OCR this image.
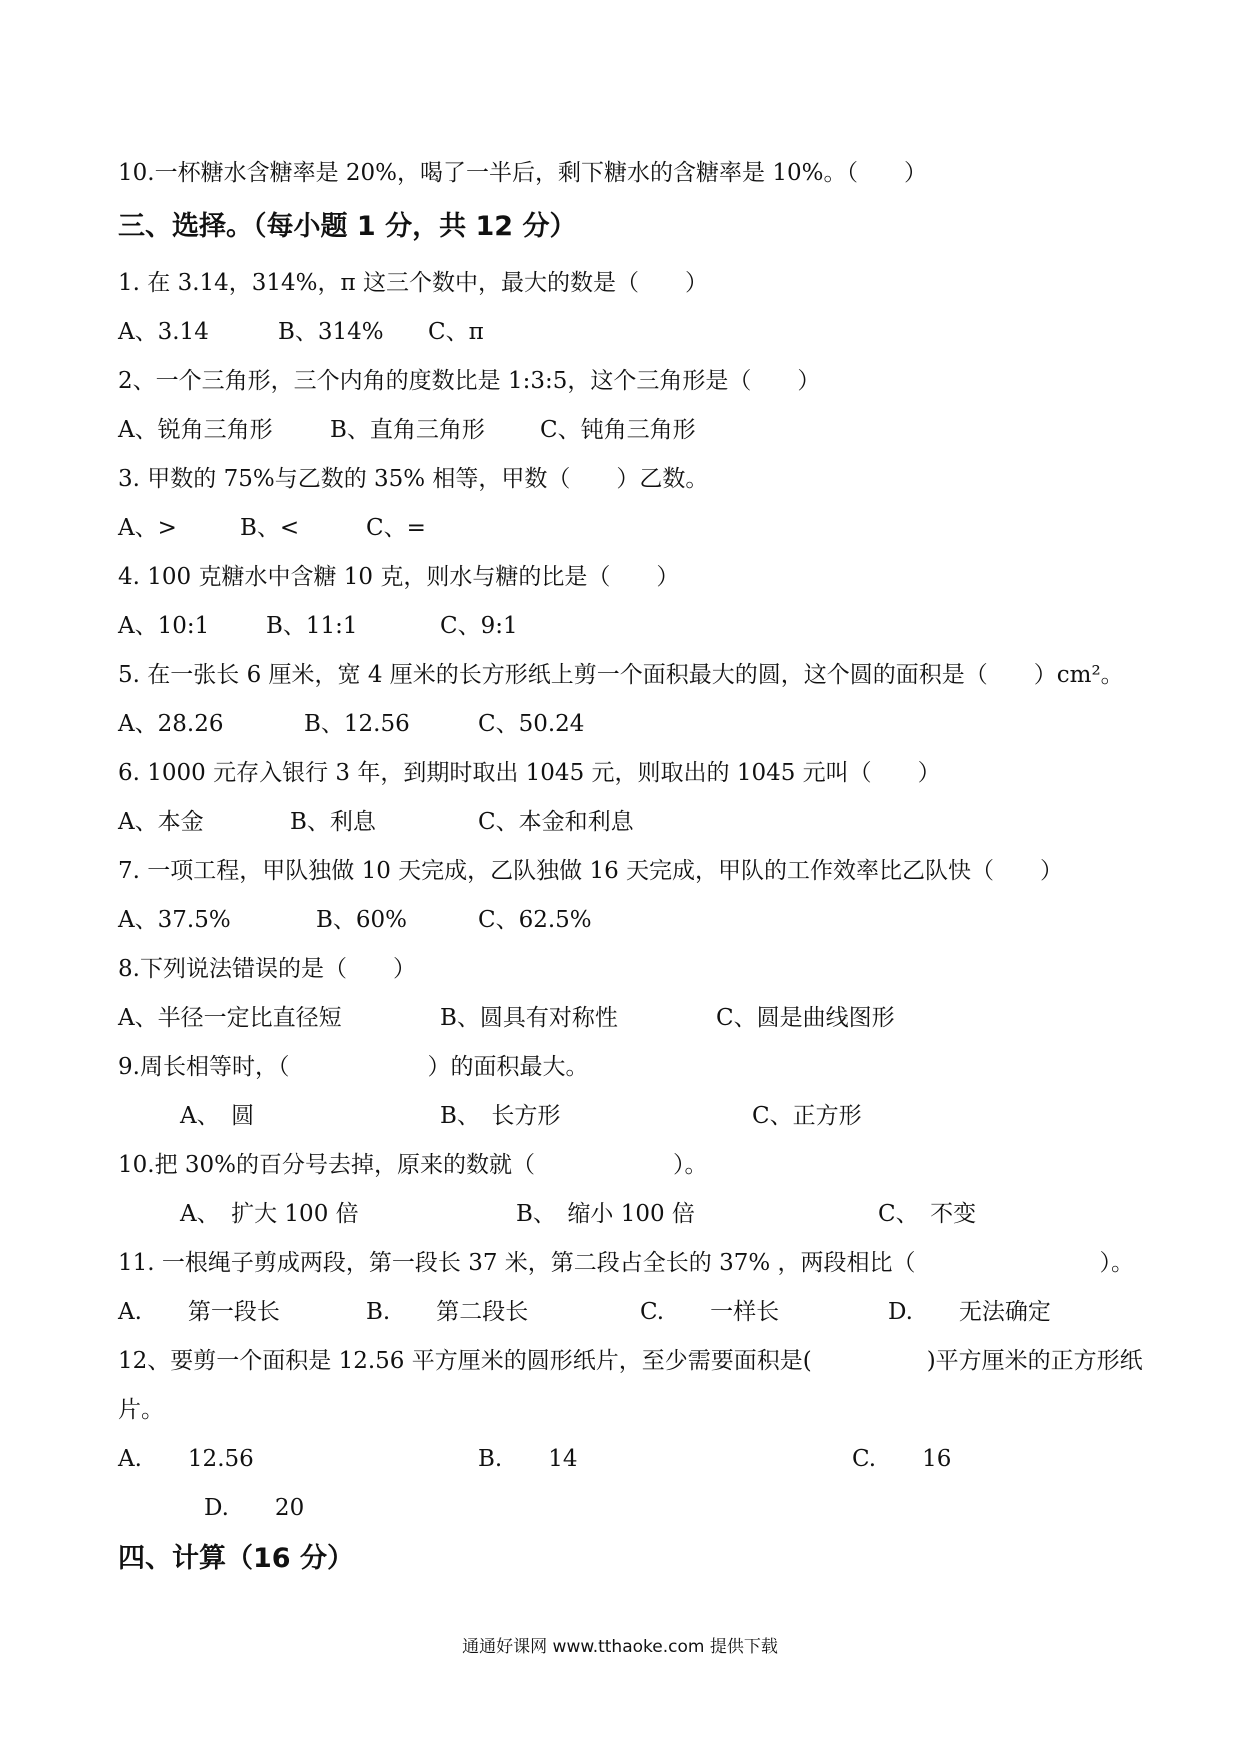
10.一杯糖水含糖率是 20%，喝了一半后，剩下糖水的含糖率是 10%。（　　）
三、选择。（每小题 1 分，共 12 分）
1. 在 3.14，314%，π 这三个数中，最大的数是（　　）
A、3.14	B、314% C、π
2、一个三角形，三个内角的度数比是 1:3:5，这个三角形是（　　）
A、锐角三角形 B、直角三角形 C、钝角三角形
3. 甲数的 75%与乙数的 35% 相等，甲数（　　）乙数。
A、>	B、<	C、=
4. 100 克糖水中含糖 10 克，则水与糖的比是（　　）
A、10:1 B、11:1	C、9:1
5. 在一张长 6 厘米，宽 4 厘米的长方形纸上剪一个面积最大的圆，这个圆的面积是（　　）cm²。
A、28.26	B、12.56	C、50.24
6. 1000 元存入银行 3 年，到期时取出 1045 元，则取出的 1045 元叫（　　）
A、本金	B、利息	C、本金和利息
7. 一项工程，甲队独做 10 天完成，乙队独做 16 天完成，甲队的工作效率比乙队快（　　）
A、37.5%	B、60%	C、62.5%
8.下列说法错误的是（　　）
A、半径一定比直径短	B、圆具有对称性	C、圆是曲线图形
9.周长相等时，（　　　　　　）的面积最大。
A、　圆	B、　长方形	C、正方形
10.把 30%的百分号去掉，原来的数就（　　　　　　）。
A、　扩大 100 倍	B、　缩小 100 倍	C、　不变
11. 一根绳子剪成两段，第一段长 37 米，第二段占全长的 37% ，两段相比（　　　　　　　　）。
A.　　第一段长	B.　　第二段长	C.　　一样长	D.　　无法确定
12、要剪一个面积是 12.56 平方厘米的圆形纸片，至少需要面积是(　　　　　)平方厘米的正方形纸
片。
A.　　12.56	B.　　14	C.　　16
D.　　20
四、计算（16 分）
通通好课网 www.tthaoke.com 提供下载
